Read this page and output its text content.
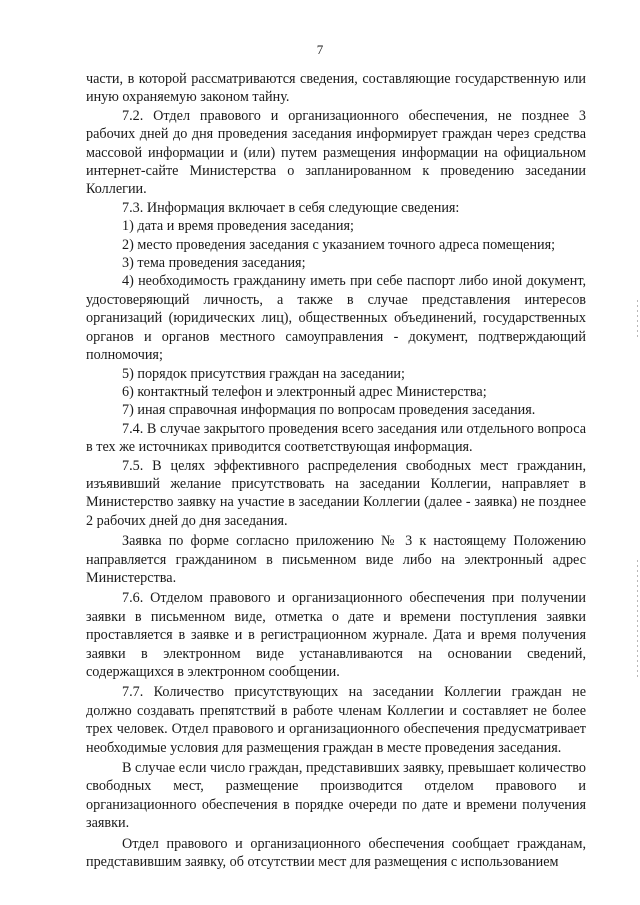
7

части, в которой рассматриваются сведения, составляющие государственную или иную охраняемую законом тайну.

7.2. Отдел правового и организационного обеспечения, не позднее 3 рабочих дней до дня проведения заседания информирует граждан через средства массовой информации и (или) путем размещения информации на официальном интернет-сайте Министерства о запланированном к проведению заседании Коллегии.

7.3. Информация включает в себя следующие сведения:

1) дата и время проведения заседания;

2) место проведения заседания с указанием точного адреса помещения;

3) тема проведения заседания;

4) необходимость гражданину иметь при себе паспорт либо иной документ, удостоверяющий личность, а также в случае представления интересов организаций (юридических лиц), общественных объединений, государственных органов и органов местного самоуправления - документ, подтверждающий полномочия;

5) порядок присутствия граждан на заседании;

6) контактный телефон и электронный адрес Министерства;

7) иная справочная информация по вопросам проведения заседания.

7.4. В случае закрытого проведения всего заседания или отдельного вопроса в тех же источниках приводится соответствующая информация.

7.5. В целях эффективного распределения свободных мест гражданин, изъявивший желание присутствовать на заседании Коллегии, направляет в Министерство заявку на участие в заседании Коллегии (далее - заявка) не позднее 2 рабочих дней до дня заседания.

Заявка по форме согласно приложению № 3 к настоящему Положению направляется гражданином в письменном виде либо на электронный адрес Министерства.

7.6. Отделом правового и организационного обеспечения при получении заявки в письменном виде, отметка о дате и времени поступления заявки проставляется в заявке и в регистрационном журнале. Дата и время получения заявки в электронном виде устанавливаются на основании сведений, содержащихся в электронном сообщении.

7.7. Количество присутствующих на заседании Коллегии граждан не должно создавать препятствий в работе членам Коллегии и составляет не более трех человек. Отдел правового и организационного обеспечения предусматривает необходимые условия для размещения граждан в месте проведения заседания.

В случае если число граждан, представивших заявку, превышает количество свободных мест, размещение производится отделом правового и организационного обеспечения в порядке очереди по дате и времени получения заявки.

Отдел правового и организационного обеспечения сообщает гражданам, представившим заявку, об отсутствии мест для размещения с использованием
